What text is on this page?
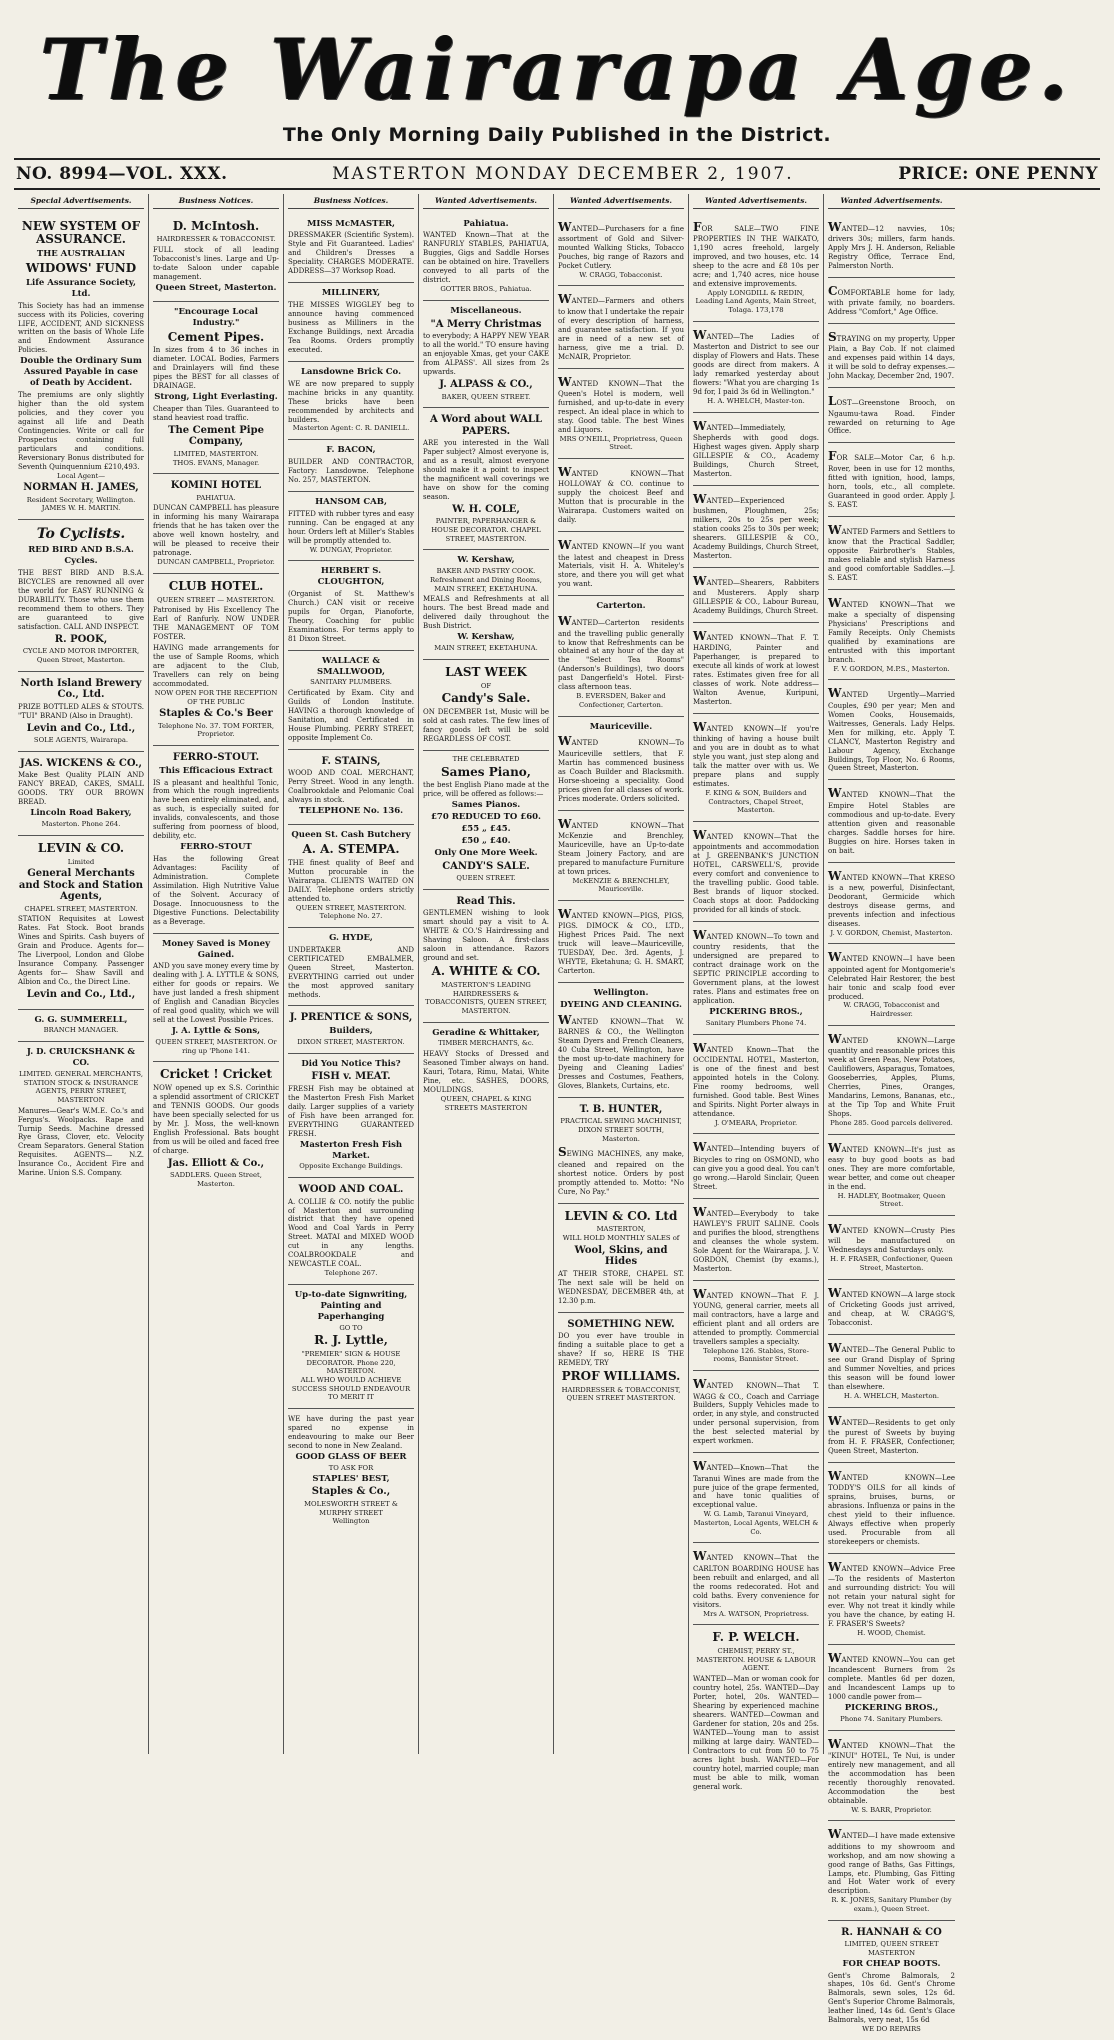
The Wairarapa Age.
The Only Morning Daily Published in the District.
NO. 8994—VOL. XXX.	MASTERTON MONDAY DECEMBER 2, 1907.	PRICE: ONE PENNY
Special Advertisements.
NEW SYSTEM OF ASSURANCE.
THE AUSTRALIAN
WIDOWS' FUND
Life Assurance Society, Ltd.
This Society has had an immense success with its Policies, covering LIFE, ACCIDENT, AND SICKNESS written on the basis of Whole Life and Endowment Assurance Policies.
Double the Ordinary Sum Assured Payable in case of Death by Accident.
The premiums are only slightly higher than the old system policies, and they cover you against all life and Death Contingencies. Write or call for Prospectus containing full particulars and conditions. Reversionary Bonus distributed for Seventh Quinquennium £210,493.
Local Agent—
NORMAN H. JAMES,
Resident Secretary, Wellington.
JAMES W. H. MARTIN.
To Cyclists.
RED BIRD AND B.S.A. Cycles.
THE BEST BIRD AND B.S.A. BICYCLES are renowned all over the world for EASY RUNNING & DURABILITY. Those who use them recommend them to others. They are guaranteed to give satisfaction. CALL AND INSPECT.
R. POOK,
CYCLE AND MOTOR IMPORTER, Queen Street, Masterton.
North Island Brewery Co., Ltd.
PRIZE BOTTLED ALES & STOUTS. "TUI" BRAND (Also in Draught).
Levin and Co., Ltd.,
SOLE AGENTS, Wairarapa.
JAS. WICKENS & CO.,
Make Best Quality PLAIN AND FANCY BREAD, CAKES, SMALL GOODS. TRY OUR BROWN BREAD.
Lincoln Road Bakery,
Masterton. Phone 264.
LEVIN & CO.
Limited
General Merchants and Stock and Station Agents,
CHAPEL STREET, MASTERTON.
STATION Requisites at Lowest Rates. Fat Stock. Boot brands Wines and Spirits. Cash buyers of Grain and Produce. Agents for— The Liverpool, London and Globe Insurance Company. Passenger Agents for— Shaw Savill and Albion and Co., the Direct Line.
Levin and Co., Ltd.,
G. G. SUMMERELL,
BRANCH MANAGER.
J. D. CRUICKSHANK & CO.
LIMITED. GENERAL MERCHANTS, STATION STOCK & INSURANCE AGENTS, PERRY STREET, MASTERTON
Manures—Gear's W.M.E. Co.'s and Fergus's. Woolpacks. Rape and Turnip Seeds. Machine dressed Rye Grass, Clover, etc. Velocity Cream Separators. General Station Requisites. AGENTS— N.Z. Insurance Co., Accident Fire and Marine. Union S.S. Company.
Business Notices.
D. McIntosh.
HAIRDRESSER & TOBACCONIST.
FULL stock of all leading Tobacconist's lines. Large and Up-to-date Saloon under capable management.
Queen Street, Masterton.
"Encourage Local Industry."
Cement Pipes.
In sizes from 4 to 36 inches in diameter. LOCAL Bodies, Farmers and Drainlayers will find these pipes the BEST for all classes of DRAINAGE.
Strong, Light Everlasting.
Cheaper than Tiles. Guaranteed to stand heaviest road traffic.
The Cement Pipe Company,
LIMITED, MASTERTON.
THOS. EVANS, Manager.
KOMINI HOTEL
PAHIATUA.
DUNCAN CAMPBELL has pleasure in informing his many Wairarapa friends that he has taken over the above well known hostelry, and will be pleased to receive their patronage.
DUNCAN CAMPBELL, Proprietor.
CLUB HOTEL.
QUEEN STREET — MASTERTON.
Patronised by His Excellency The Earl of Ranfurly. NOW UNDER THE MANAGEMENT OF TOM FOSTER.
HAVING made arrangements for the use of Sample Rooms, which are adjacent to the Club, Travellers can rely on being accommodated.
NOW OPEN FOR THE RECEPTION OF THE PUBLIC
Staples & Co.'s Beer
Telephone No. 37. TOM FORTER, Proprietor.
FERRO-STOUT.
This Efficacious Extract
IS a pleasant and healthful Tonic, from which the rough ingredients have been entirely eliminated, and, as such, is especially suited for invalids, convalescents, and those suffering from poorness of blood, debility, etc.
FERRO-STOUT
Has the following Great Advantages: Facility of Administration. Complete Assimilation. High Nutritive Value of the Solvent. Accuracy of Dosage. Innocuousness to the Digestive Functions. Delectability as a Beverage.
Money Saved is Money Gained.
AND you save money every time by dealing with J. A. LYTTLE & SONS, either for goods or repairs. We have just landed a fresh shipment of English and Canadian Bicycles of real good quality, which we will sell at the Lowest Possible Prices.
J. A. Lyttle & Sons,
QUEEN STREET, MASTERTON. Or ring up 'Phone 141.
Cricket ! Cricket
NOW opened up ex S.S. Corinthic a splendid assortment of CRICKET and TENNIS GOODS. Our goods have been specially selected for us by Mr. J. Moss, the well-known English Professional. Bats bought from us will be oiled and faced free of charge.
Jas. Elliott & Co.,
SADDLERS. Queen Street, Masterton.
Business Notices.
MISS McMASTER,
DRESSMAKER (Scientific System). Style and Fit Guaranteed. Ladies' and Children's Dresses a Speciality. CHARGES MODERATE. ADDRESS—37 Worksop Road.
MILLINERY,
THE MISSES WIGGLEY beg to announce having commenced business as Milliners in the Exchange Buildings, next Arcadia Tea Rooms. Orders promptly executed.
Lansdowne Brick Co.
WE are now prepared to supply machine bricks in any quantity. These bricks have been recommended by architects and builders.
Masterton Agent: C. R. DANIELL.
F. BACON,
BUILDER AND CONTRACTOR, Factory: Lansdowne. Telephone No. 257, MASTERTON.
HANSOM CAB,
FITTED with rubber tyres and easy running. Can be engaged at any hour. Orders left at Miller's Stables will be promptly attended to.
W. DUNGAY, Proprietor.
HERBERT S. CLOUGHTON,
(Organist of St. Matthew's Church.) CAN visit or receive pupils for Organ, Pianoforte, Theory, Coaching for public Examinations. For terms apply to 81 Dixon Street.
WALLACE & SMALLWOOD,
SANITARY PLUMBERS.
Certificated by Exam. City and Guilds of London Institute. HAVING a thorough knowledge of Sanitation, and Certificated in House Plumbing. PERRY STREET, opposite Implement Co.
F. STAINS,
WOOD AND COAL MERCHANT, Perry Street. Wood in any length. Coalbrookdale and Pelomanic Coal always in stock.
TELEPHONE No. 136.
Queen St. Cash Butchery
A. A. STEMPA.
THE finest quality of Beef and Mutton procurable in the Wairarapa. CLIENTS WAITED ON DAILY. Telephone orders strictly attended to.
QUEEN STREET, MASTERTON. Telephone No. 27.
G. HYDE,
UNDERTAKER AND CERTIFICATED EMBALMER, Queen Street, Masterton. EVERYTHING carried out under the most approved sanitary methods.
J. PRENTICE & SONS,
Builders,
DIXON STREET, MASTERTON.
Did You Notice This?
FISH v. MEAT.
FRESH Fish may be obtained at the Masterton Fresh Fish Market daily. Larger supplies of a variety of Fish have been arranged for. EVERYTHING GUARANTEED FRESH.
Masterton Fresh Fish Market.
Opposite Exchange Buildings.
WOOD AND COAL.
A. COLLIE & CO. notify the public of Masterton and surrounding district that they have opened Wood and Coal Yards in Perry Street. MATAI and MIXED WOOD cut in any lengths. COALBROOKDALE and NEWCASTLE COAL.
Telephone 267.
Up-to-date Signwriting, Painting and Paperhanging
GO TO
R. J. Lyttle,
"PREMIER" SIGN & HOUSE DECORATOR. Phone 220, MASTERTON.
ALL WHO WOULD ACHIEVE SUCCESS SHOULD ENDEAVOUR TO MERIT IT
WE have during the past year spared no expense in endeavouring to make our Beer second to none in New Zealand.
GOOD GLASS OF BEER
TO ASK FOR
STAPLES' BEST,
Staples & Co.,
MOLESWORTH STREET & MURPHY STREET
Wellington
Wanted Advertisements.
Pahiatua.
WANTED Known—That at the RANFURLY STABLES, PAHIATUA, Buggies, Gigs and Saddle Horses can be obtained on hire. Travellers conveyed to all parts of the district.
GOTTER BROS., Pahiatua.
Miscellaneous.
"A Merry Christmas
to everybody; A HAPPY NEW YEAR to all the world." TO ensure having an enjoyable Xmas, get your CAKE from ALPASS'. All sizes from 2s upwards.
J. ALPASS & CO.,
BAKER, QUEEN STREET.
A Word about WALL PAPERS.
ARE you interested in the Wall Paper subject? Almost everyone is, and as a result, almost everyone should make it a point to inspect the magnificent wall coverings we have on show for the coming season.
W. H. COLE,
PAINTER, PAPERHANGER & HOUSE DECORATOR. CHAPEL STREET, MASTERTON.
W. Kershaw,
BAKER AND PASTRY COOK. Refreshment and Dining Rooms, MAIN STREET, EKETAHUNA.
MEALS and Refreshments at all hours. The best Bread made and delivered daily throughout the Bush District.
W. Kershaw,
MAIN STREET, EKETAHUNA.
LAST WEEK
OF
Candy's Sale.
ON DECEMBER 1st, Music will be sold at cash rates. The few lines of fancy goods left will be sold REGARDLESS OF COST.
THE CELEBRATED
Sames Piano,
the best English Piano made at the price, will be offered as follows:—
Sames Pianos.
£70 REDUCED TO £60.
£55 „ £45.
£50 „ £40.
Only One More Week.
CANDY'S SALE.
QUEEN STREET.
Read This.
GENTLEMEN wishing to look smart should pay a visit to A. WHITE & CO.'S Hairdressing and Shaving Saloon. A first-class saloon in attendance. Razors ground and set.
A. WHITE & CO.
MASTERTON'S LEADING HAIRDRESSERS & TOBACCONISTS, QUEEN STREET, MASTERTON.
Geradine & Whittaker,
TIMBER MERCHANTS, &c.
HEAVY Stocks of Dressed and Seasoned Timber always on hand. Kauri, Totara, Rimu, Matai, White Pine, etc. SASHES, DOORS, MOULDINGS.
QUEEN, CHAPEL & KING STREETS MASTERTON
Wanted Advertisements.
WANTED—Purchasers for a fine assortment of Gold and Silver-mounted Walking Sticks, Tobacco Pouches, big range of Razors and Pocket Cutlery.
W. CRAGG, Tobacconist.
WANTED—Farmers and others to know that I undertake the repair of every description of harness, and guarantee satisfaction. If you are in need of a new set of harness, give me a trial. D. McNAIR, Proprietor.
WANTED KNOWN—That the Queen's Hotel is modern, well furnished, and up-to-date in every respect. An ideal place in which to stay. Good table. The best Wines and Liquors.
MRS O'NEILL, Proprietress, Queen Street.
WANTED KNOWN—That HOLLOWAY & CO. continue to supply the choicest Beef and Mutton that is procurable in the Wairarapa. Customers waited on daily.
WANTED KNOWN—If you want the latest and cheapest in Dress Materials, visit H. A. Whiteley's store, and there you will get what you want.
Carterton.
WANTED—Carterton residents and the travelling public generally to know that Refreshments can be obtained at any hour of the day at the "Select Tea Rooms" (Anderson's Buildings), two doors past Dangerfield's Hotel. First-class afternoon teas.
B. EVERSDEN, Baker and Confectioner, Carterton.
Mauriceville.
WANTED KNOWN—To Mauriceville settlers, that F. Martin has commenced business as Coach Builder and Blacksmith. Horse-shoeing a speciality. Good prices given for all classes of work. Prices moderate. Orders solicited.
WANTED KNOWN—That McKenzie and Brenchley, Mauriceville, have an Up-to-date Steam Joinery Factory, and are prepared to manufacture Furniture at town prices.
McKENZIE & BRENCHLEY, Mauriceville.
WANTED KNOWN—PIGS, PIGS, PIGS. DIMOCK & CO., LTD., Highest Prices Paid. The next truck will leave—Mauriceville, TUESDAY, Dec. 3rd. Agents, J. WHYTE, Eketahuna; G. H. SMART, Carterton.
Wellington.
DYEING AND CLEANING.
WANTED KNOWN—That W. BARNES & CO., the Wellington Steam Dyers and French Cleaners, 40 Cuba Street, Wellington, have the most up-to-date machinery for Dyeing and Cleaning Ladies' Dresses and Costumes, Feathers, Gloves, Blankets, Curtains, etc.
T. B. HUNTER,
PRACTICAL SEWING MACHINIST, DIXON STREET SOUTH, Masterton.
SEWING MACHINES, any make, cleaned and repaired on the shortest notice. Orders by post promptly attended to. Motto: "No Cure, No Pay."
LEVIN & CO. Ltd
MASTERTON,
WILL HOLD MONTHLY SALES of
Wool, Skins, and Hides
AT THEIR STORE, CHAPEL ST. The next sale will be held on WEDNESDAY, DECEMBER 4th, at 12.30 p.m.
SOMETHING NEW.
DO you ever have trouble in finding a suitable place to get a shave? If so, HERE IS THE REMEDY, TRY
PROF WILLIAMS.
HAIRDRESSER & TOBACCONIST, QUEEN STREET MASTERTON.
Wanted Advertisements.
FOR SALE—TWO FINE PROPERTIES IN THE WAIKATO, 1,190 acres freehold, largely improved, and two houses, etc. 14 sheep to the acre and £8 10s per acre; and 1,740 acres, nice house and extensive improvements.
Apply LONGDILL & REDIN, Leading Land Agents, Main Street, Tolaga. 173,178
WANTED—The Ladies of Masterton and District to see our display of Flowers and Hats. These goods are direct from makers. A lady remarked yesterday about flowers: "What you are charging 1s 9d for, I paid 3s 6d in Wellington."
H. A. WHELCH, Master-ton.
WANTED—Immediately, Shepherds with good dogs. Highest wages given. Apply sharp GILLESPIE & CO., Academy Buildings, Church Street, Masterton.
WANTED—Experienced bushmen, Ploughmen, 25s; milkers, 20s to 25s per week; station cooks 25s to 30s per week; shearers. GILLESPIE & CO., Academy Buildings, Church Street, Masterton.
WANTED—Shearers, Rabbiters and Musterers. Apply sharp GILLESPIE & CO., Labour Bureau, Academy Buildings, Church Street.
WANTED KNOWN—That F. T. HARDING, Painter and Paperhanger, is prepared to execute all kinds of work at lowest rates. Estimates given free for all classes of work. Note address—Walton Avenue, Kuripuni, Masterton.
WANTED KNOWN—If you're thinking of having a house built and you are in doubt as to what style you want, just step along and talk the matter over with us. We prepare plans and supply estimates.
F. KING & SON, Builders and Contractors, Chapel Street, Masterton.
WANTED KNOWN—That the appointments and accommodation at J. GREENBANK'S JUNCTION HOTEL, CARSWELL'S, provide every comfort and convenience to the travelling public. Good table. Best brands of liquor stocked. Coach stops at door. Paddocking provided for all kinds of stock.
WANTED KNOWN—To town and country residents, that the undersigned are prepared to contract drainage work on the SEPTIC PRINCIPLE according to Government plans, at the lowest rates. Plans and estimates free on application.
PICKERING BROS.,
Sanitary Plumbers Phone 74.
WANTED Known—That the OCCIDENTAL HOTEL, Masterton, is one of the finest and best appointed hotels in the Colony. Fine roomy bedrooms, well furnished. Good table. Best Wines and Spirits. Night Porter always in attendance.
J. O'MEARA, Proprietor.
WANTED—Intending buyers of Bicycles to ring on OSMOND, who can give you a good deal. You can't go wrong.—Harold Sinclair, Queen Street.
WANTED—Everybody to take HAWLEY'S FRUIT SALINE. Cools and purifies the blood, strengthens and cleanses the whole system. Sole Agent for the Wairarapa, J. V. GORDON, Chemist (by exams.), Masterton.
WANTED KNOWN—That F. J. YOUNG, general carrier, meets all mail contractors, have a large and efficient plant and all orders are attended to promptly. Commercial travellers samples a specialty.
Telephone 126. Stables, Store-rooms, Bannister Street.
WANTED KNOWN—That T. WAGG & CO., Coach and Carriage Builders, Supply Vehicles made to order, in any style, and constructed under personal supervision, from the best selected material by expert workmen.
WANTED—Known—That the Taranui Wines are made from the pure juice of the grape fermented, and have tonic qualities of exceptional value.
W. G. Lamb, Taranui Vineyard, Masterton, Local Agents, WELCH & Co.
WANTED KNOWN—That the CARLTON BOARDING HOUSE has been rebuilt and enlarged, and all the rooms redecorated. Hot and cold baths. Every convenience for visitors.
Mrs A. WATSON, Proprietress.
F. P. WELCH.
CHEMIST, PERRY ST., MASTERTON. HOUSE & LABOUR AGENT.
WANTED—Man or woman cook for country hotel, 25s. WANTED—Day Porter, hotel, 20s. WANTED—Shearing by experienced machine shearers. WANTED—Cowman and Gardener for station, 20s and 25s. WANTED—Young man to assist milking at large dairy. WANTED—Contractors to cut from 50 to 75 acres light bush. WANTED—For country hotel, married couple; man must be able to milk, woman general work.
Wanted Advertisements.
WANTED—12 navvies, 10s; drivers 30s; millers, farm hands. Apply Mrs J. H. Anderson, Reliable Registry Office, Terrace End, Palmerston North.
COMFORTABLE home for lady, with private family, no boarders. Address "Comfort," Age Office.
STRAYING on my property, Upper Plain, a Bay Cob. If not claimed and expenses paid within 14 days, it will be sold to defray expenses.—John Mackay, December 2nd, 1907.
LOST—Greenstone Brooch, on Ngaumu-tawa Road. Finder rewarded on returning to Age Office.
FOR SALE—Motor Car, 6 h.p. Rover, been in use for 12 months, fitted with ignition, hood, lamps, horn, tools, etc., all complete. Guaranteed in good order. Apply J. S. EAST.
WANTED Farmers and Settlers to know that the Practical Saddler, opposite Fairbrother's Stables, makes reliable and stylish Harness and good comfortable Saddles.—J. S. EAST.
WANTED KNOWN—That we make a specialty of dispensing Physicians' Prescriptions and Family Receipts. Only Chemists qualified by examinations are entrusted with this important branch.
F. V. GORDON, M.P.S., Masterton.
WANTED Urgently—Married Couples, £90 per year; Men and Women Cooks, Housemaids, Waitresses, Generals. Lady Helps. Men for milking, etc. Apply T. CLANCY, Masterton Registry and Labour Agency, Exchange Buildings, Top Floor, No. 6 Rooms, Queen Street, Masterton.
WANTED KNOWN—That the Empire Hotel Stables are commodious and up-to-date. Every attention given and reasonable charges. Saddle horses for hire. Buggies on hire. Horses taken in on bait.
WANTED KNOWN—That KRESO is a new, powerful, Disinfectant, Deodorant, Germicide which destroys disease germs, and prevents infection and infectious diseases.
J. V. GORDON, Chemist, Masterton.
WANTED KNOWN—I have been appointed agent for Montgomerie's Celebrated Hair Restorer, the best hair tonic and scalp food ever produced.
W. CRAGG, Tobacconist and Hairdresser.
WANTED KNOWN—Large quantity and reasonable prices this week at Green Peas, New Potatoes, Cauliflowers, Asparagus, Tomatoes, Gooseberries, Apples, Plums, Cherries, Pines, Oranges, Mandarins, Lemons, Bananas, etc., at the Tip Top and White Fruit Shops.
Phone 285. Good parcels delivered.
WANTED KNOWN—It's just as easy to buy good boots as bad ones. They are more comfortable, wear better, and come out cheaper in the end.
H. HADLEY, Bootmaker, Queen Street.
WANTED KNOWN—Crusty Pies will be manufactured on Wednesdays and Saturdays only.
H. F. FRASER, Confectioner, Queen Street, Masterton.
WANTED KNOWN—A large stock of Cricketing Goods just arrived, and cheap, at W. CRAGG'S, Tobacconist.
WANTED—The General Public to see our Grand Display of Spring and Summer Novelties, and prices this season will be found lower than elsewhere.
H. A. WHELCH, Masterton.
WANTED—Residents to get only the purest of Sweets by buying from H. F. FRASER, Confectioner, Queen Street, Masterton.
WANTED KNOWN—Lee TODDY'S OILS for all kinds of sprains, bruises, burns, or abrasions. Influenza or pains in the chest yield to their influence. Always effective when properly used. Procurable from all storekeepers or chemists.
WANTED KNOWN—Advice Free—To the residents of Masterton and surrounding district: You will not retain your natural sight for ever. Why not treat it kindly while you have the chance, by eating H. F. FRASER'S Sweets?
H. WOOD, Chemist.
WANTED KNOWN—You can get Incandescent Burners from 2s complete. Mantles 6d per dozen, and Incandescent Lamps up to 1000 candle power from—
PICKERING BROS.,
Phone 74. Sanitary Plumbers.
WANTED KNOWN—That the "KINUI" HOTEL, Te Nui, is under entirely new management, and all the accommodation has been recently thoroughly renovated. Accommodation the best obtainable.
W. S. BARR, Proprietor.
WANTED—I have made extensive additions to my showroom and workshop, and am now showing a good range of Baths, Gas Fittings, Lamps, etc. Plumbing, Gas Fitting and Hot Water work of every description.
R. K. JONES, Sanitary Plumber (by exam.), Queen Street.
R. HANNAH & CO
LIMITED, QUEEN STREET MASTERTON
FOR CHEAP BOOTS.
Gent's Chrome Balmorals, 2 shapes, 10s 6d. Gent's Chrome Balmorals, sewn soles, 12s 6d. Gent's Superior Chrome Balmorals, leather lined, 14s 6d. Gent's Glace Balmorals, very neat, 15s 6d
WE DO REPAIRS
